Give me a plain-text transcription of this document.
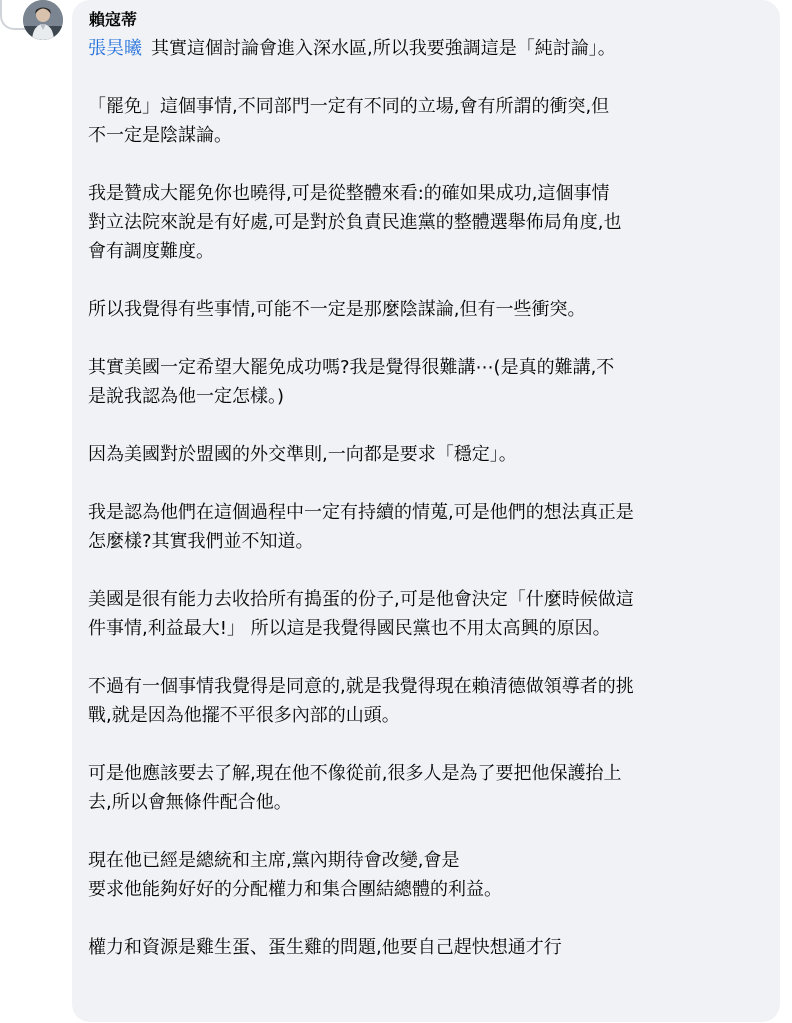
賴寇蒂
張昊曦  其實這個討論會進入深水區,所以我要強調這是「純討論」。
「罷免」這個事情,不同部門一定有不同的立場,會有所謂的衝突,但
不一定是陰謀論。
我是贊成大罷免你也曉得,可是從整體來看:的確如果成功,這個事情
對立法院來說是有好處,可是對於負責民進黨的整體選舉佈局角度,也
會有調度難度。
所以我覺得有些事情,可能不一定是那麼陰謀論,但有一些衝突。
其實美國一定希望大罷免成功嗎?我是覺得很難講⋯(是真的難講,不
是說我認為他一定怎樣。)
因為美國對於盟國的外交準則,一向都是要求「穩定」。
我是認為他們在這個過程中一定有持續的情蒐,可是他們的想法真正是
怎麼樣?其實我們並不知道。
美國是很有能力去收拾所有搗蛋的份子,可是他會決定「什麼時候做這
件事情,利益最大!」 所以這是我覺得國民黨也不用太高興的原因。
不過有一個事情我覺得是同意的,就是我覺得現在賴清德做領導者的挑
戰,就是因為他擺不平很多內部的山頭。
可是他應該要去了解,現在他不像從前,很多人是為了要把他保護抬上
去,所以會無條件配合他。
現在他已經是總統和主席,黨內期待會改變,會是
要求他能夠好好的分配權力和集合團結總體的利益。
權力和資源是雞生蛋、蛋生雞的問題,他要自己趕快想通才行
